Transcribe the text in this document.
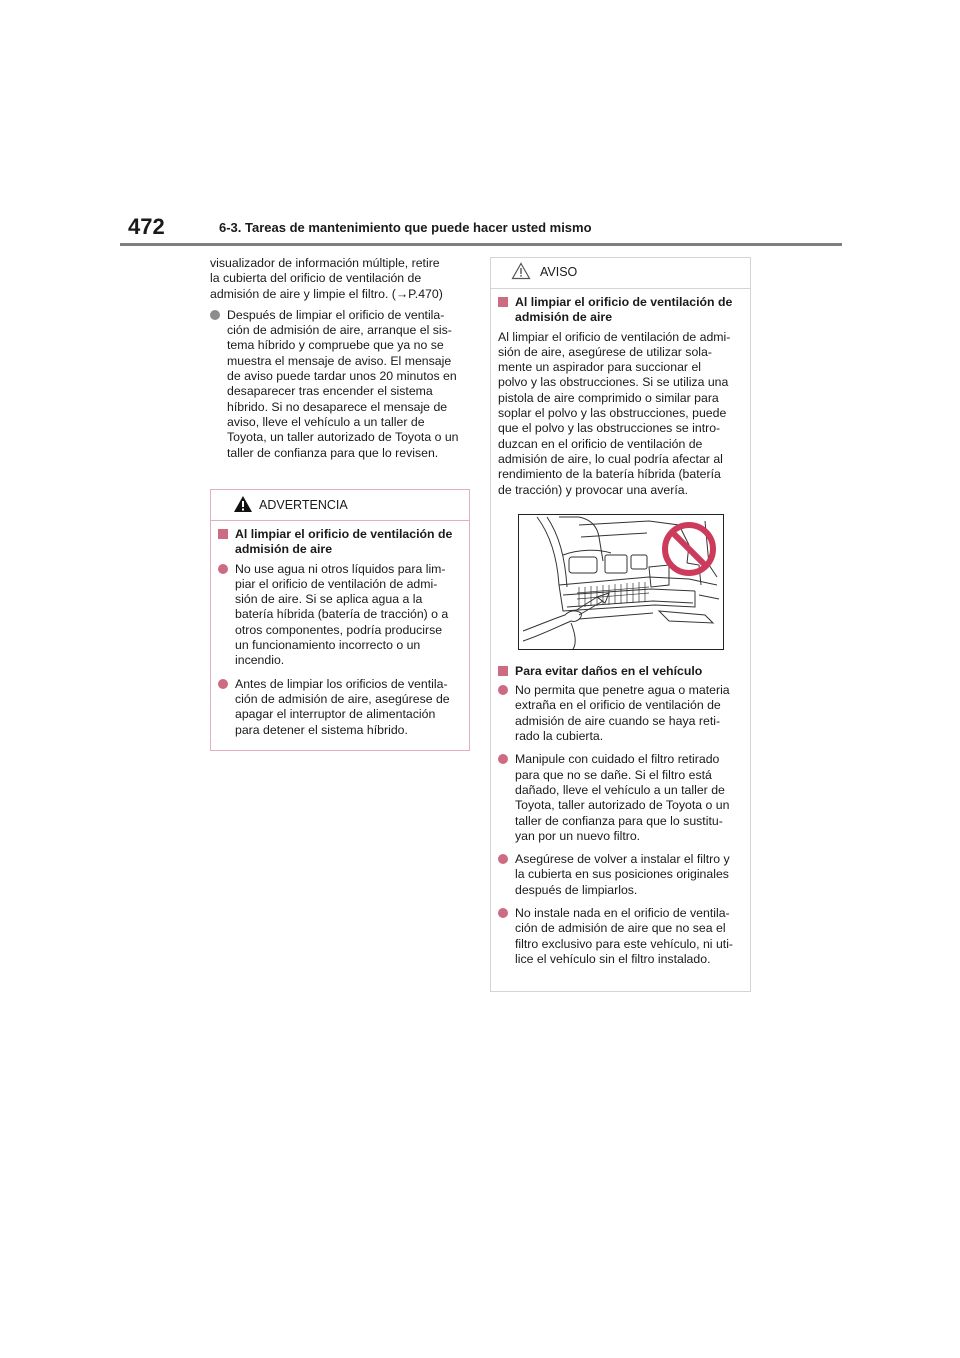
472	6-3. Tareas de mantenimiento que puede hacer usted mismo

visualizador de información múltiple, retire
la cubierta del orificio de ventilación de
admisión de aire y limpie el filtro. (→P.470)

Después de limpiar el orificio de ventila-
ción de admisión de aire, arranque el sis-
tema híbrido y compruebe que ya no se
muestra el mensaje de aviso. El mensaje
de aviso puede tardar unos 20 minutos en
desaparecer tras encender el sistema
híbrido. Si no desaparece el mensaje de
aviso, lleve el vehículo a un taller de
Toyota, un taller autorizado de Toyota o un
taller de confianza para que lo revisen.
ADVERTENCIA
Al limpiar el orificio de ventilación de
admisión de aire
No use agua ni otros líquidos para lim-
piar el orificio de ventilación de admi-
sión de aire. Si se aplica agua a la
batería híbrida (batería de tracción) o a
otros componentes, podría producirse
un funcionamiento incorrecto o un
incendio.
Antes de limpiar los orificios de ventila-
ción de admisión de aire, asegúrese de
apagar el interruptor de alimentación
para detener el sistema híbrido.
AVISO
Al limpiar el orificio de ventilación de
admisión de aire

Al limpiar el orificio de ventilación de admi-
sión de aire, asegúrese de utilizar sola-
mente un aspirador para succionar el
polvo y las obstrucciones. Si se utiliza una
pistola de aire comprimido o similar para
soplar el polvo y las obstrucciones, puede
que el polvo y las obstrucciones se intro-
duzcan en el orificio de ventilación de
admisión de aire, lo cual podría afectar al
rendimiento de la batería híbrida (batería
de tracción) y provocar una avería.

Para evitar daños en el vehículo
No permita que penetre agua o materia
extraña en el orificio de ventilación de
admisión de aire cuando se haya reti-
rado la cubierta.
Manipule con cuidado el filtro retirado
para que no se dañe. Si el filtro está
dañado, lleve el vehículo a un taller de
Toyota, taller autorizado de Toyota o un
taller de confianza para que lo sustitu-
yan por un nuevo filtro.
Asegúrese de volver a instalar el filtro y
la cubierta en sus posiciones originales
después de limpiarlos.
No instale nada en el orificio de ventila-
ción de admisión de aire que no sea el
filtro exclusivo para este vehículo, ni uti-
lice el vehículo sin el filtro instalado.
